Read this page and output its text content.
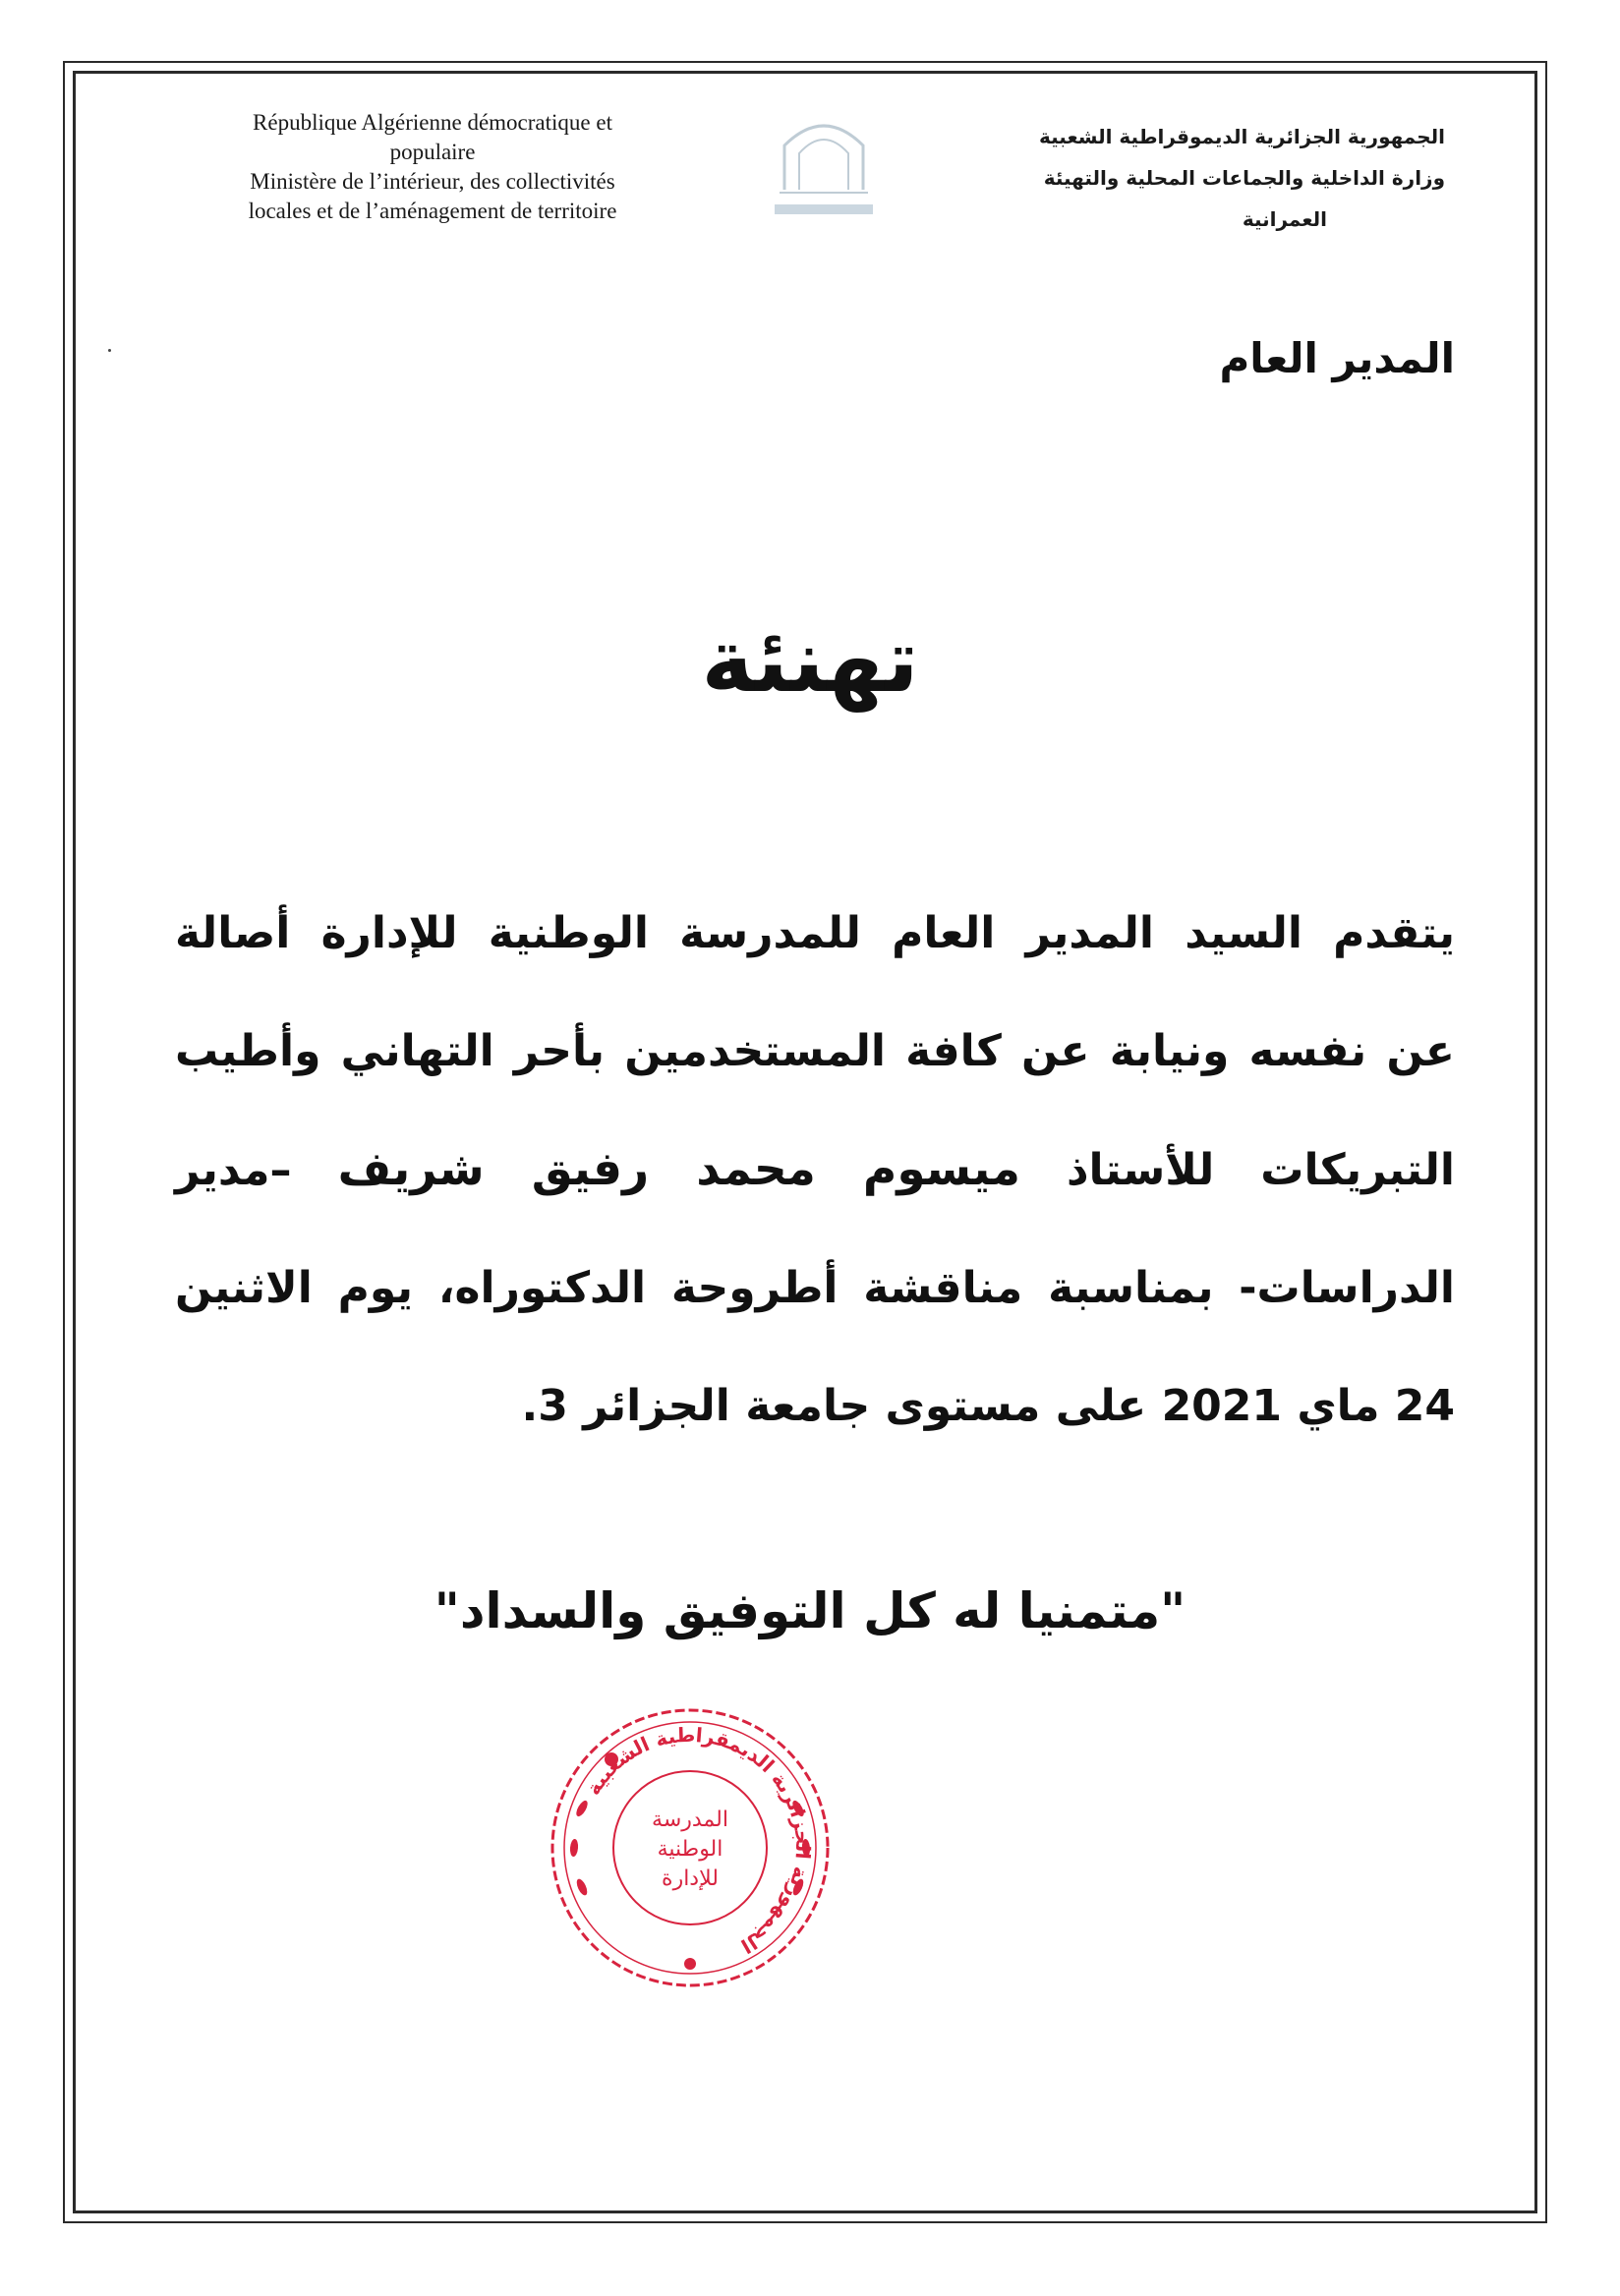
République Algérienne démocratique et
populaire
Ministère de l’intérieur, des collectivités
locales et de l’aménagement de territoire
الجمهورية الجزائرية الديموقراطية الشعبية
وزارة الداخلية والجماعات المحلية والتهيئة
العمرانية
المدير العام
تهنئة

يتقدم السيد المدير العام للمدرسة الوطنية للإدارة أصالة

عن نفسه ونيابة عن كافة المستخدمين بأحر التهاني وأطيب

التبريكات للأستاذ ميسوم محمد رفيق شريف –مدير

الدراسات- بمناسبة مناقشة أطروحة الدكتوراه، يوم الاثنين

24 ماي 2021 على مستوى جامعة الجزائر 3.

"متمنيا له كل التوفيق والسداد"
الجمهورية الجزائرية الديمقراطية الشعبية
المدرسة
الوطنية
للإدارة
